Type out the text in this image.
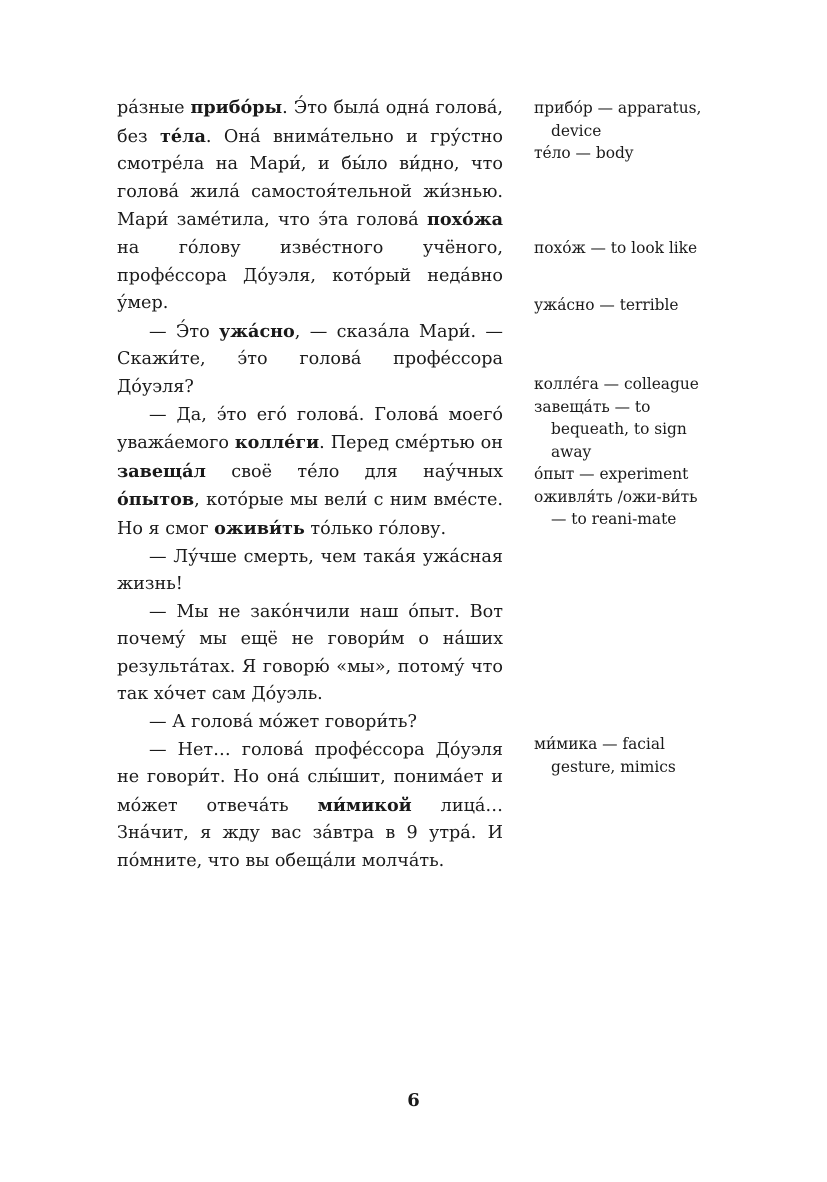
ра́зные прибо́ры. Э́то была́ одна́ голова́, без те́ла. Она́ внима́тельно и гру́стно смотре́ла на Мари́, и бы́ло ви́дно, что голова́ жила́ самостоя́тельной жи́знью. Мари́ заме́тила, что э́та голова́ похо́жа на го́лову изве́стного учёного, профе́ссора До́уэля, кото́рый неда́вно у́мер.

— Э́то ужа́сно, — сказа́ла Мари́. — Скажи́те, э́то голова́ профе́ссора До́уэля?

— Да, э́то его́ голова́. Голова́ моего́ уважа́емого колле́ги. Перед сме́ртью он завеща́л своё те́ло для нау́чных о́пытов, кото́рые мы вели́ с ним вме́сте. Но я смог оживи́ть то́лько го́лову.

— Лу́чше смерть, чем така́я ужа́сная жизнь!

— Мы не зако́нчили наш о́пыт. Вот почему́ мы ещё не говори́м о на́ших результа́тах. Я говорю́ «мы», потому́ что так хо́чет сам До́уэль.

— А голова́ мо́жет говори́ть?

— Нет… голова́ профе́ссора До́уэля не говори́т. Но она́ слы́шит, понима́ет и мо́жет отвеча́ть ми́микой лица́… Зна́чит, я жду вас за́втра в 9 утра́. И по́мните, что вы обеща́ли молча́ть.

прибо́р — apparatus, device
те́ло — body
похо́ж — to look like
ужа́сно — terrible
колле́га — colleague
завеща́ть — to bequeath, to sign away
о́пыт — experiment
оживля́ть /ожи-ви́ть — to reani-mate
ми́мика — facial gesture, mimics
6
